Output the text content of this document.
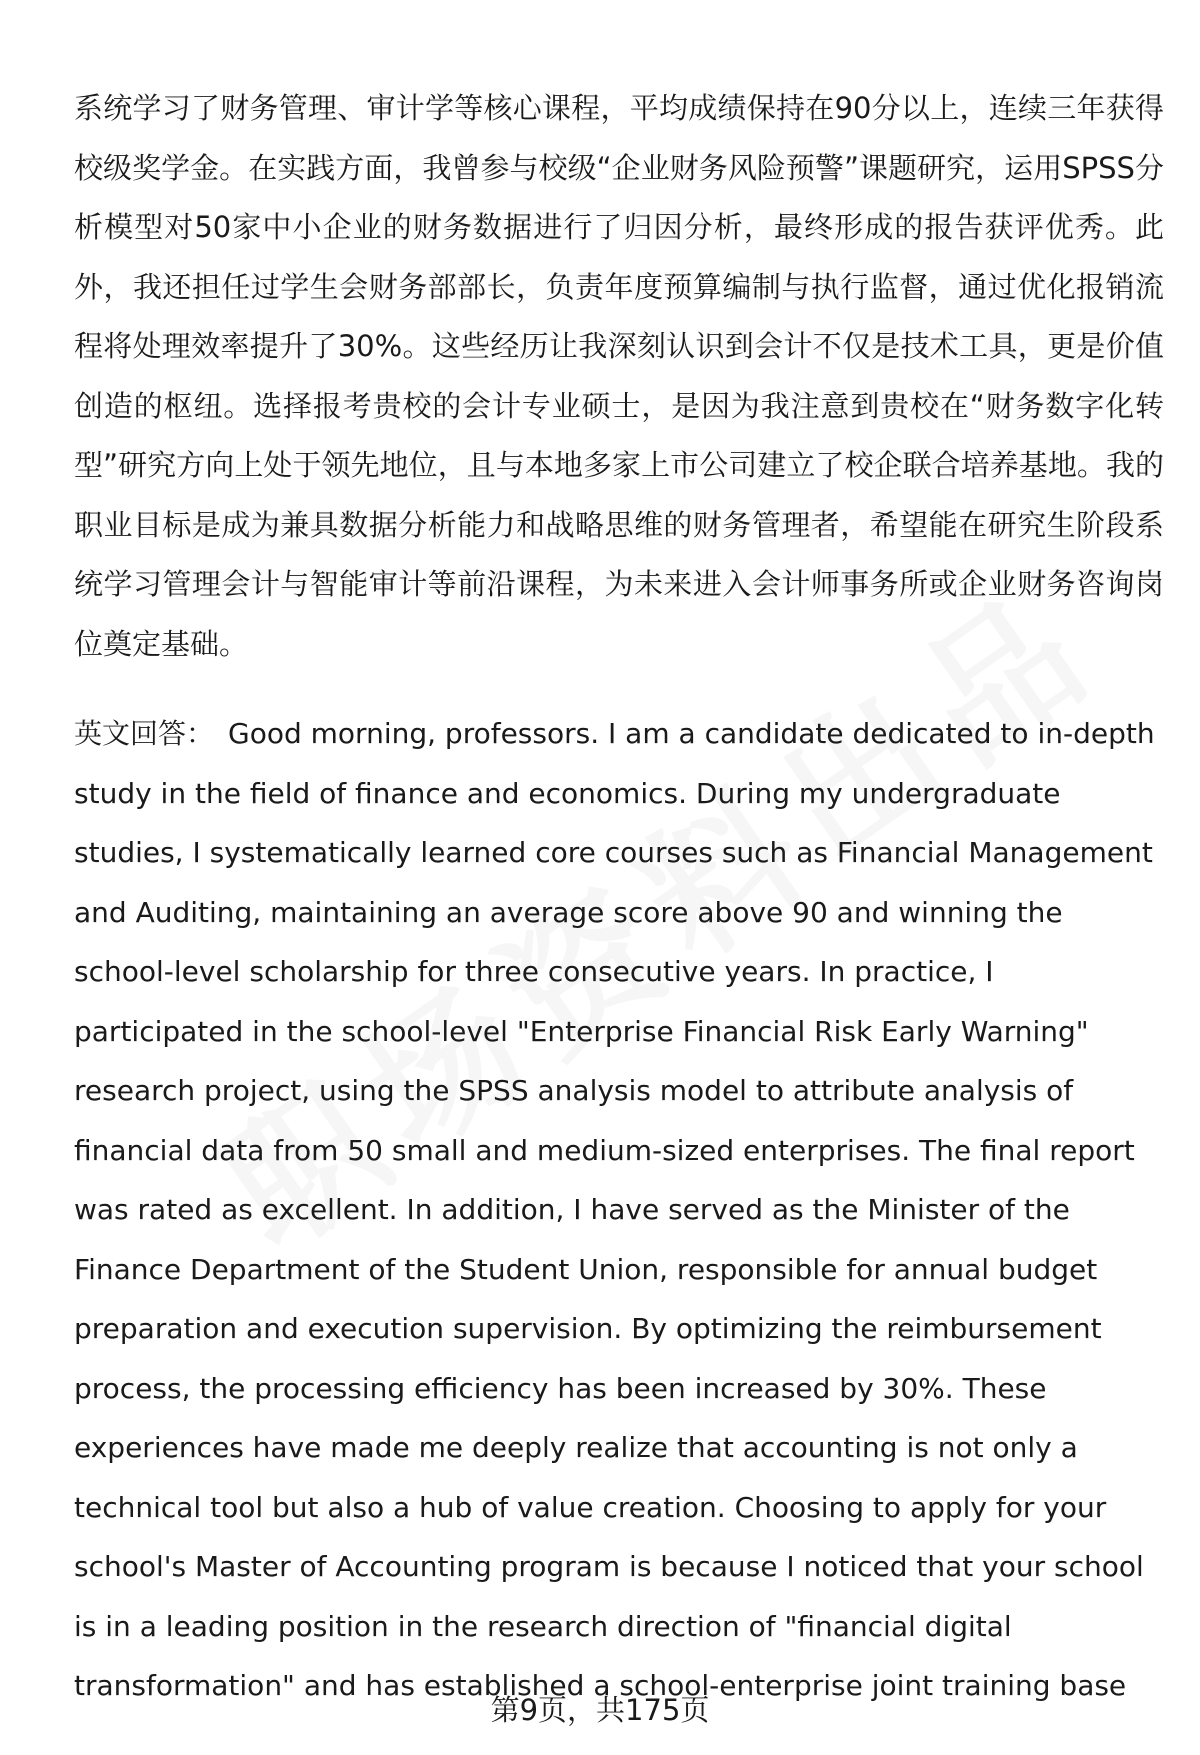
系统学习了财务管理、审计学等核心课程，平均成绩保持在90分以上，连续三年获得校级奖学金。在实践方面，我曾参与校级“企业财务风险预警”课题研究，运用SPSS分析模型对50家中小企业的财务数据进行了归因分析，最终形成的报告获评优秀。此外，我还担任过学生会财务部部长，负责年度预算编制与执行监督，通过优化报销流程将处理效率提升了30%。这些经历让我深刻认识到会计不仅是技术工具，更是价值创造的枢纽。选择报考贵校的会计专业硕士，是因为我注意到贵校在“财务数字化转型”研究方向上处于领先地位，且与本地多家上市公司建立了校企联合培养基地。我的职业目标是成为兼具数据分析能力和战略思维的财务管理者，希望能在研究生阶段系统学习管理会计与智能审计等前沿课程，为未来进入会计师事务所或企业财务咨询岗位奠定基础。

英文回答： Good morning, professors. I am a candidate dedicated to in-depth study in the field of finance and economics. During my undergraduate studies, I systematically learned core courses such as Financial Management and Auditing, maintaining an average score above 90 and winning the school-level scholarship for three consecutive years. In practice, I participated in the school-level "Enterprise Financial Risk Early Warning" research project, using the SPSS analysis model to attribute analysis of financial data from 50 small and medium-sized enterprises. The final report was rated as excellent. In addition, I have served as the Minister of the Finance Department of the Student Union, responsible for annual budget preparation and execution supervision. By optimizing the reimbursement process, the processing efficiency has been increased by 30%. These experiences have made me deeply realize that accounting is not only a technical tool but also a hub of value creation. Choosing to apply for your school's Master of Accounting program is because I noticed that your school is in a leading position in the research direction of "financial digital transformation" and has established a school-enterprise joint training base

第9页，共175页
